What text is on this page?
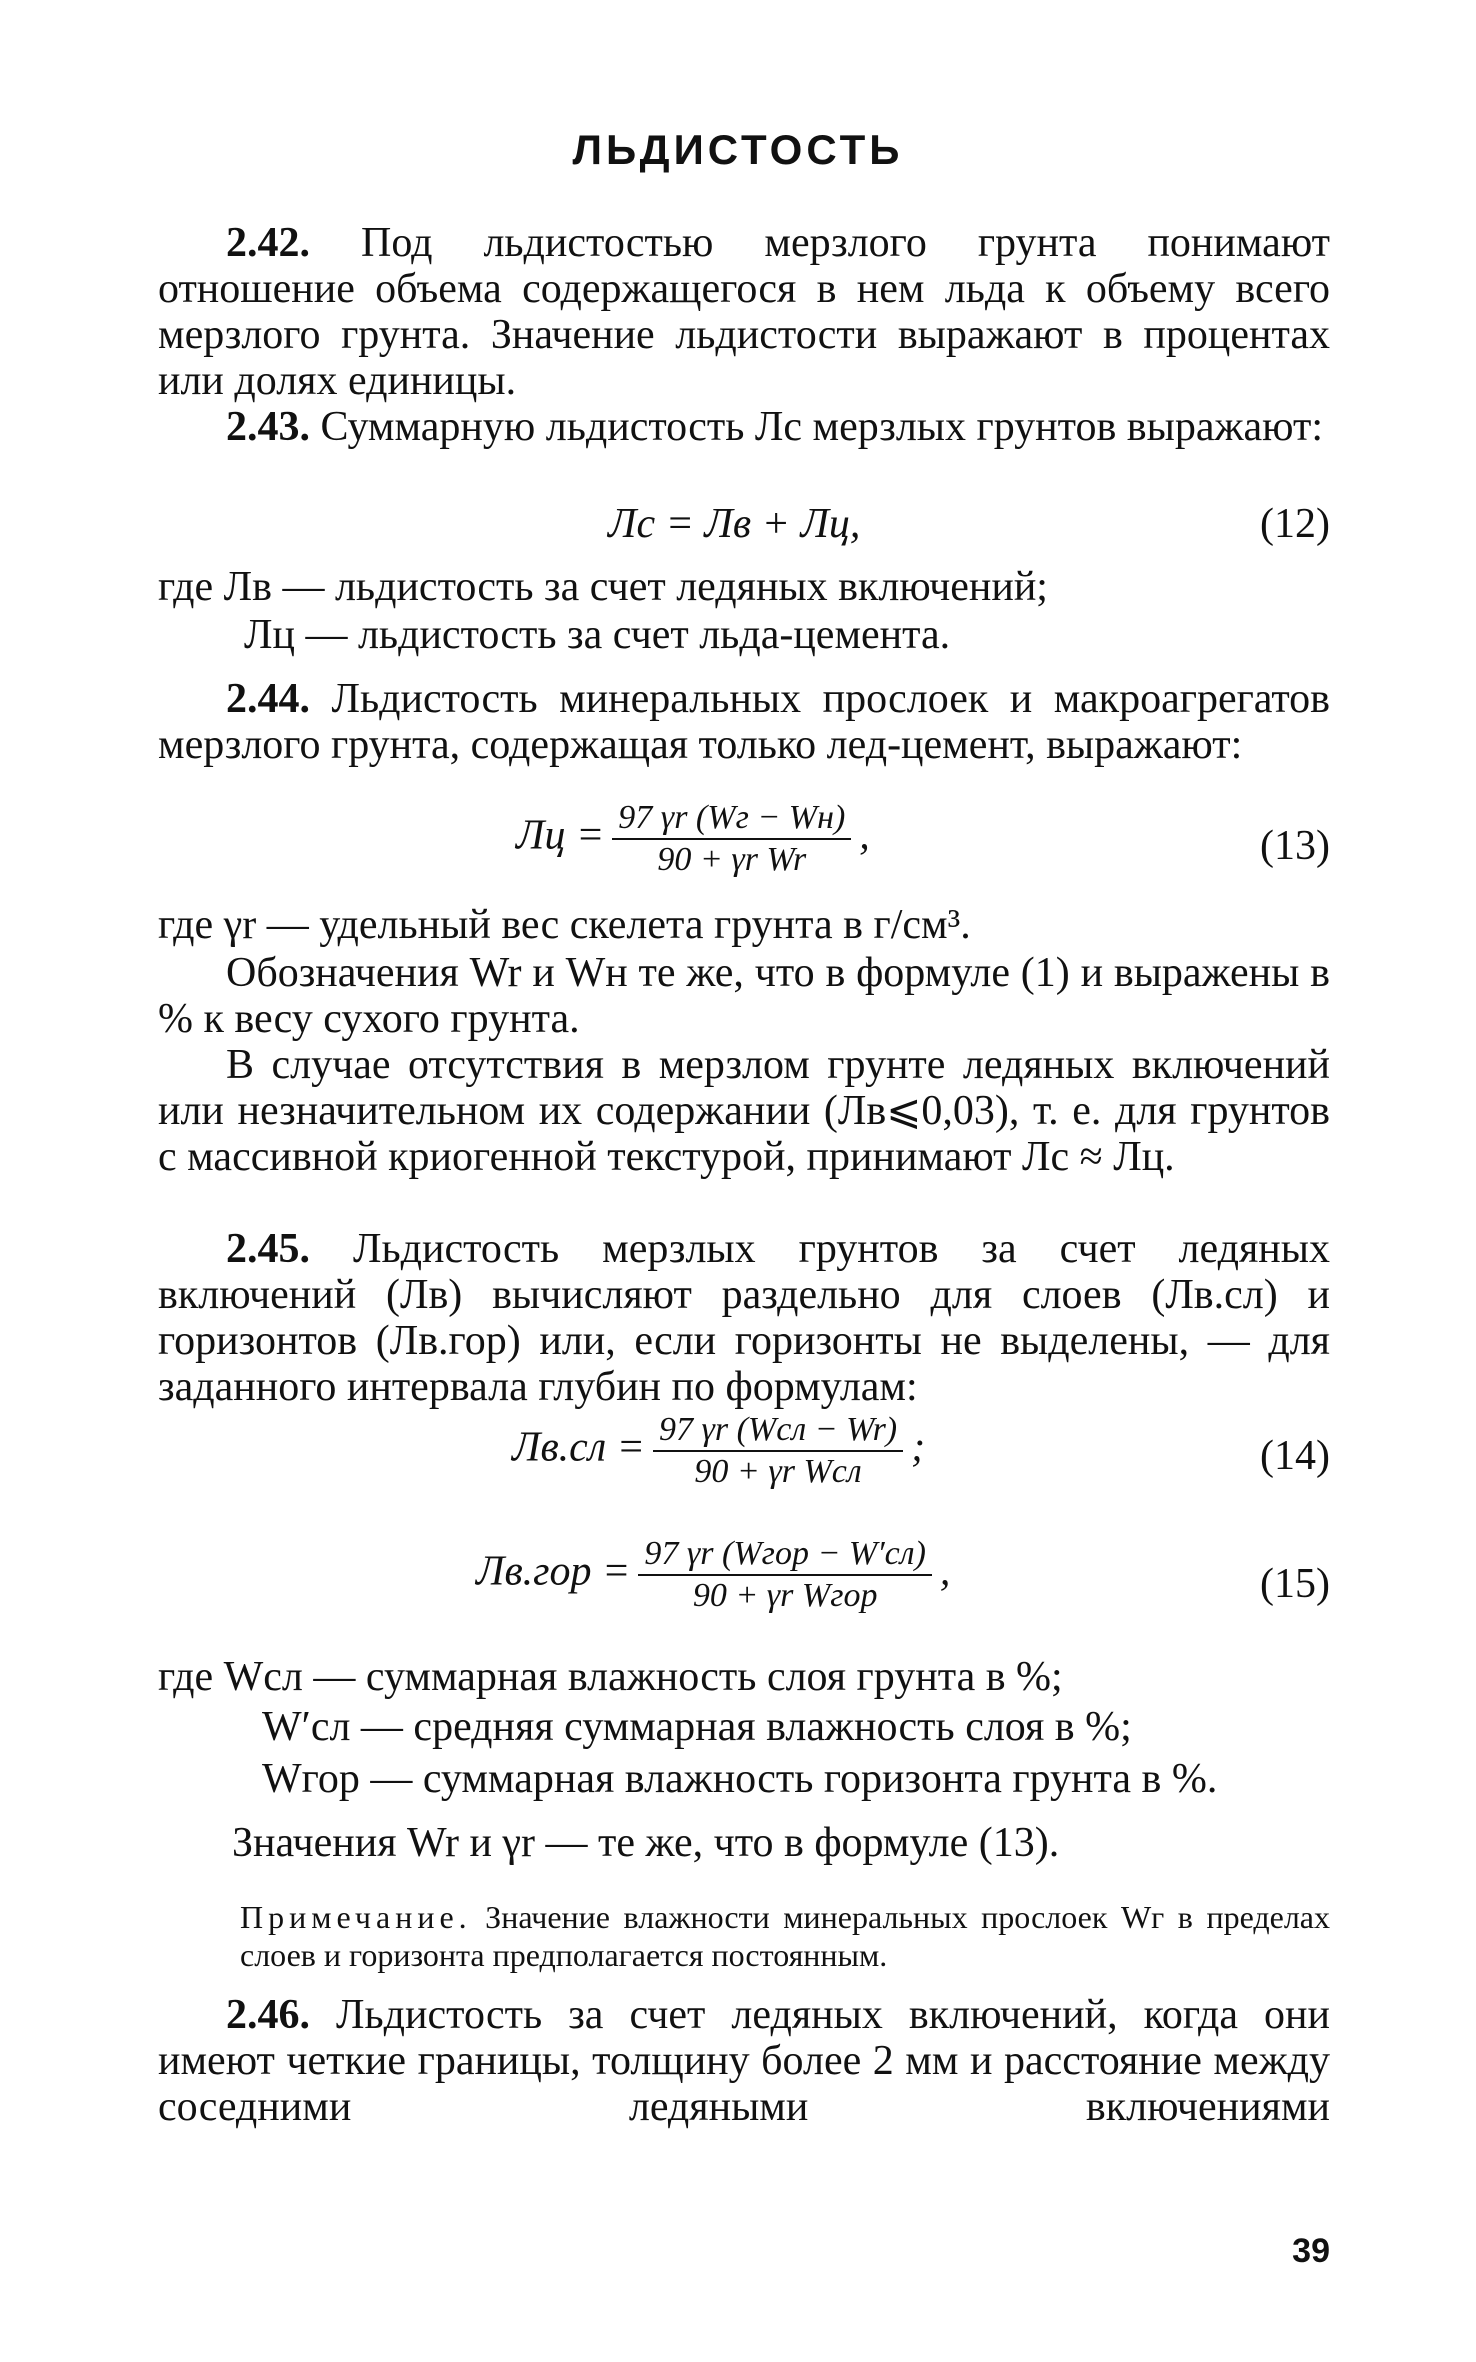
ЛЬДИСТОСТЬ

2.42. Под льдистостью мерзлого грунта понимают отношение объема содержащегося в нем льда к объему всего мерзлого грунта. Значение льдистости выражают в процентах или долях единицы.

2.43. Суммарную льдистость Лс мерзлых грунтов выражают:

Лс = Лв + Лц,	(12)
где Лв — льдистость за счет ледяных включений;
Лц — льдистость за счет льда-цемента.

2.44. Льдистость минеральных прослоек и макроагрегатов мерзлого грунта, содержащая только лед-цемент, выражают:

Лц = $\frac{97 \gamma r (Wг - Wн)}{\text{90 + γr Wr}}$ ,	(13)
где γr — удельный вес скелета грунта в г/см³.

Обозначения Wr и Wн те же, что в формуле (1) и выражены в % к весу сухого грунта.

В случае отсутствия в мерзлом грунте ледяных включений или незначительном их содержании (Лв⩽0,03), т. е. для грунтов с массивной криогенной текстурой, принимают Лс ≈ Лц.

2.45. Льдистость мерзлых грунтов за счет ледяных включений (Лв) вычисляют раздельно для слоев (Лв.сл) и горизонтов (Лв.гор) или, если горизонты не выделены, — для заданного интервала глубин по формулам:

$Лв.сл = \frac{\text{97 γr (Wсл − Wr)}}{\text{90 + γr Wсл}}$ ;	(14)
$Лв.гор = \frac{\text{97 γr (Wгор − W′сл)}}{\text{90 + γr Wгор}}$ ,	(15)
где Wсл — суммарная влажность слоя грунта в %;
W′сл — средняя суммарная влажность слоя в %;
Wгор — суммарная влажность горизонта грунта в %.
Значения Wr и γr — те же, что в формуле (13).

Примечание. Значение влажности минеральных прослоек Wг в пределах слоев и горизонта предполагается постоянным.

2.46. Льдистость за счет ледяных включений, когда они имеют четкие границы, толщину более 2 мм и расстояние между соседними ледяными включениями

39
